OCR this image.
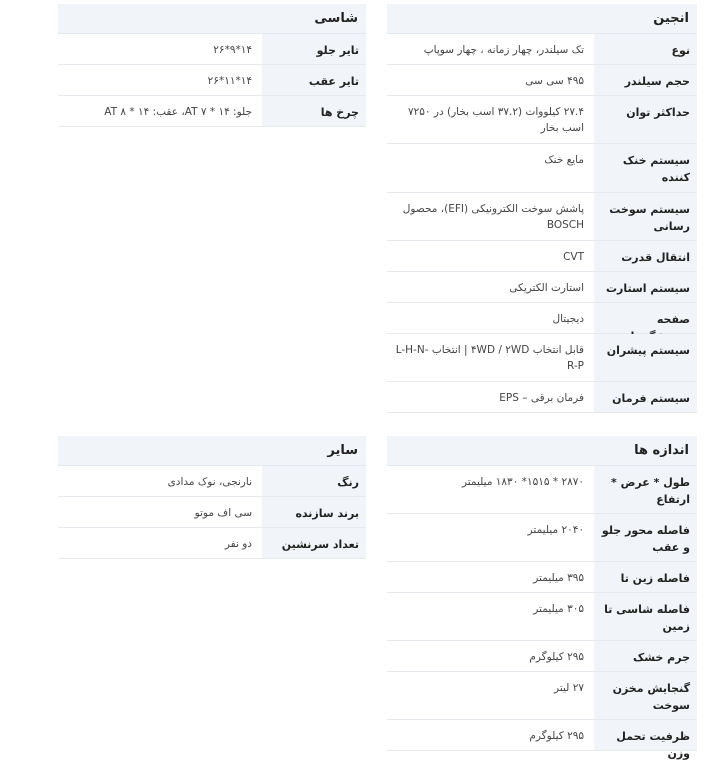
انجین
نوع
تک سیلندر، چهار زمانه ، چهار سوپاپ
حجم سیلندر
۴۹۵ سی سی
حداکثر توان
۲۷.۴ کیلووات (۳۷.۲ اسب بخار) در ۷۲۵۰ اسب بخار
سیستم خنک کننده
مایع خنک
سیستم سوخت رسانی
پاشش سوخت الکترونیکی (EFI)، محصول BOSCH
انتقال قدرت
CVT
سیستم استارت
استارت الکتریکی
صفحه
دیجیتال
سیستم پیشران
قابل انتخاب ۴WD / ۲WD | انتخاب L-H-N-R-P
سیستم فرمان
فرمان برقی – EPS
شاسی
تایر جلو
۱۴*۹*۲۶
تایر عقب
۱۴*۱۱*۲۶
چرخ ها
جلو: ۱۴ * AT ۷، عقب: ۱۴ * AT ۸
اندازه ها
طول * عرض * ارتفاع
۲۸۷۰ * ۱۵۱۵* ۱۸۳۰ میلیمتر
فاصله محور جلو و عقب
۲۰۴۰ میلیمتر
فاصله زین تا
۳۹۵ میلیمتر
فاصله شاسی تا زمین
۳۰۵ میلیمتر
جرم خشک
۲۹۵ کیلوگرم
گنجایش مخزن سوخت
۲۷ لیتر
ظرفیت تحمل وزن
۲۹۵ کیلوگرم
سایر
رنگ
نارنجی، نوک مدادی
برند سازنده
سی اف موتو
تعداد سرنشین
دو نفر
